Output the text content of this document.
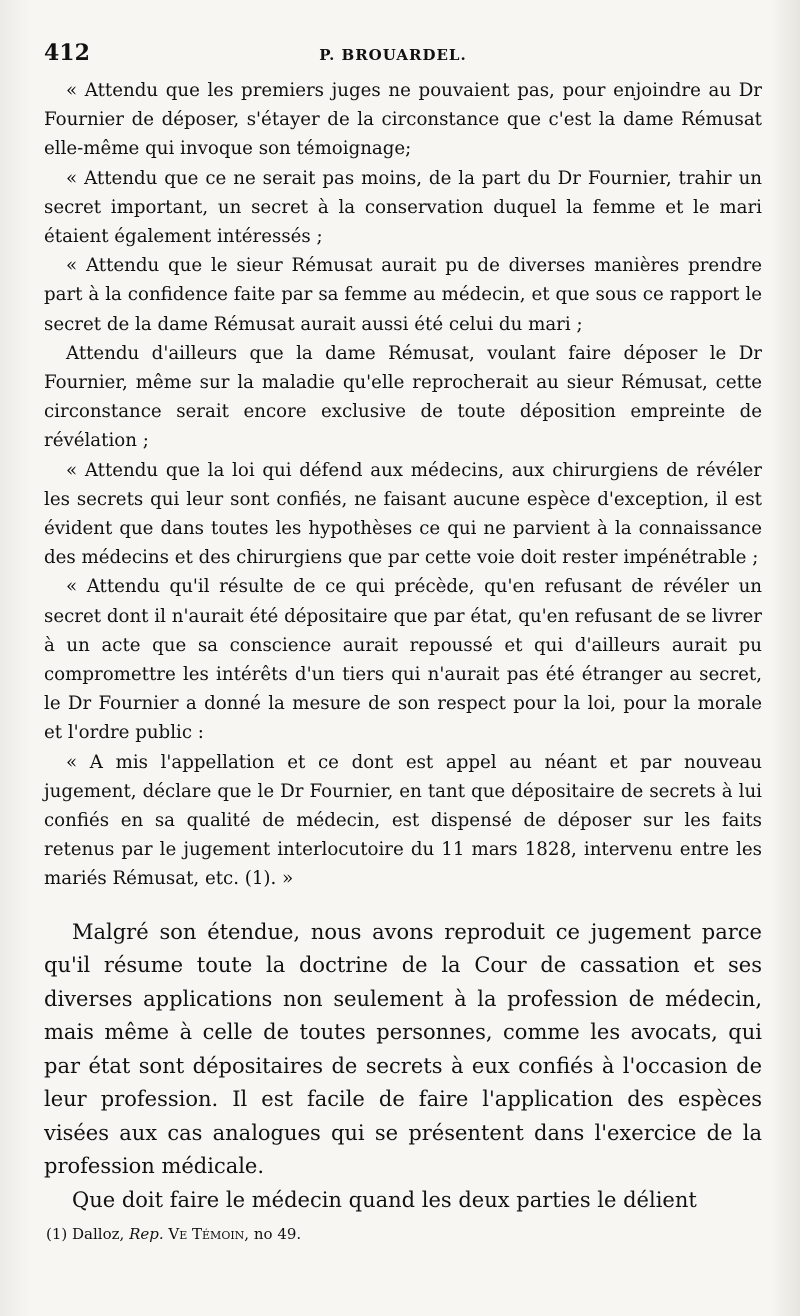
412	P. BROUARDEL.

« Attendu que les premiers juges ne pouvaient pas, pour enjoindre au Dr Fournier de déposer, s'étayer de la circonstance que c'est la dame Rémusat elle-même qui invoque son témoignage;

« Attendu que ce ne serait pas moins, de la part du Dr Fournier, trahir un secret important, un secret à la conservation duquel la femme et le mari étaient également intéressés ;

« Attendu que le sieur Rémusat aurait pu de diverses manières prendre part à la confidence faite par sa femme au médecin, et que sous ce rapport le secret de la dame Rémusat aurait aussi été celui du mari ;

Attendu d'ailleurs que la dame Rémusat, voulant faire déposer le Dr Fournier, même sur la maladie qu'elle reprocherait au sieur Rémusat, cette circonstance serait encore exclusive de toute déposition empreinte de révélation ;

« Attendu que la loi qui défend aux médecins, aux chirurgiens de révéler les secrets qui leur sont confiés, ne faisant aucune espèce d'exception, il est évident que dans toutes les hypothèses ce qui ne parvient à la connaissance des médecins et des chirurgiens que par cette voie doit rester impénétrable ;

« Attendu qu'il résulte de ce qui précède, qu'en refusant de révéler un secret dont il n'aurait été dépositaire que par état, qu'en refusant de se livrer à un acte que sa conscience aurait repoussé et qui d'ailleurs aurait pu compromettre les intérêts d'un tiers qui n'aurait pas été étranger au secret, le Dr Fournier a donné la mesure de son respect pour la loi, pour la morale et l'ordre public :

« A mis l'appellation et ce dont est appel au néant et par nouveau jugement, déclare que le Dr Fournier, en tant que dépositaire de secrets à lui confiés en sa qualité de médecin, est dispensé de déposer sur les faits retenus par le jugement interlocutoire du 11 mars 1828, intervenu entre les mariés Rémusat, etc. (1). »

Malgré son étendue, nous avons reproduit ce jugement parce qu'il résume toute la doctrine de la Cour de cassation et ses diverses applications non seulement à la profession de médecin, mais même à celle de toutes personnes, comme les avocats, qui par état sont dépositaires de secrets à eux confiés à l'occasion de leur profession. Il est facile de faire l'application des espèces visées aux cas analogues qui se présentent dans l'exercice de la profession médicale.

Que doit faire le médecin quand les deux parties le délient

(1) Dalloz, Rep. Ve Témoin, no 49.
